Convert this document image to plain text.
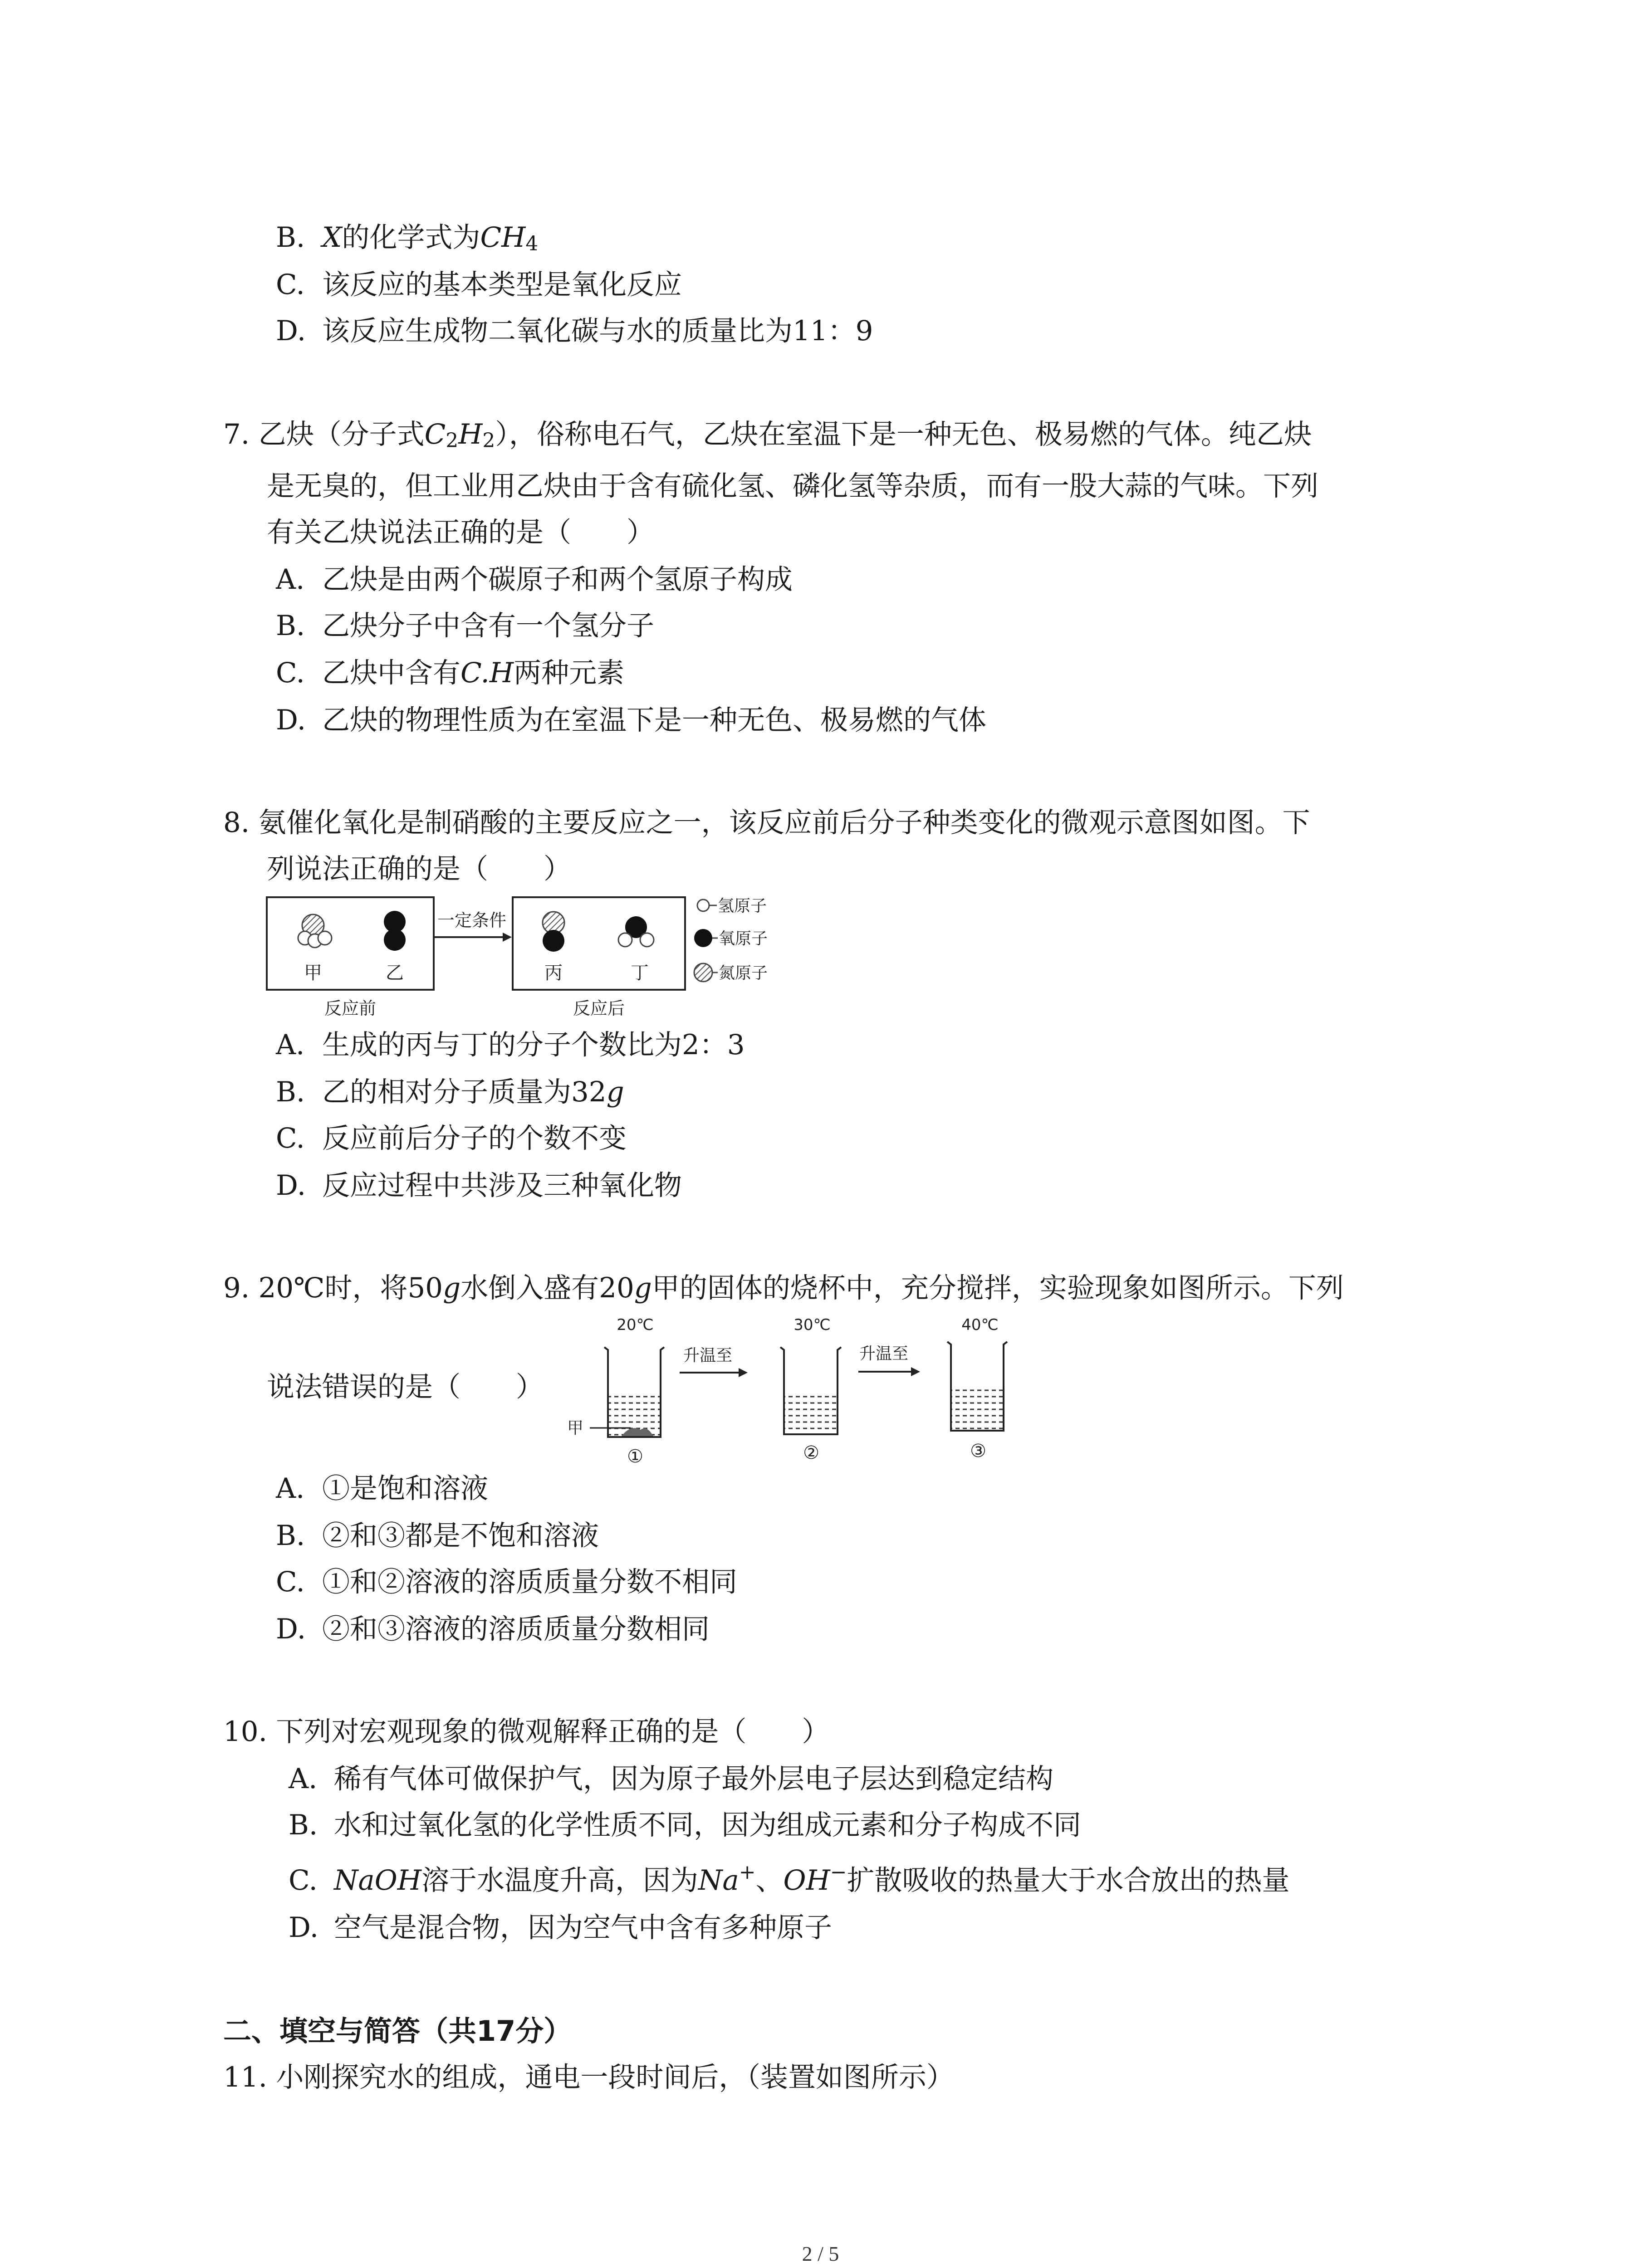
B. X的化学式为$CH_4$
C. 该反应的基本类型是氧化反应
D. 该反应生成物二氧化碳与水的质量比为11：9
7. 乙炔（分子式$C_2H_2$），俗称电石气，乙炔在室温下是一种无色、极易燃的气体。纯乙炔
是无臭的，但工业用乙炔由于含有硫化氢、磷化氢等杂质，而有一股大蒜的气味。下列
有关乙炔说法正确的是（　　）
A. 乙炔是由两个碳原子和两个氢原子构成
B. 乙炔分子中含有一个氢分子
C. 乙炔中含有C.H两种元素
D. 乙炔的物理性质为在室温下是一种无色、极易燃的气体
8. 氨催化氧化是制硝酸的主要反应之一，该反应前后分子种类变化的微观示意图如图。下
列说法正确的是（　　）
甲	乙
一定条件
丙	丁
反应前	反应后
氢原子
氧原子
氮原子
A. 生成的丙与丁的分子个数比为2：3
B. 乙的相对分子质量为32g
C. 反应前后分子的个数不变
D. 反应过程中共涉及三种氧化物
9. 20℃时，将50g水倒入盛有20g甲的固体的烧杯中，充分搅拌，实验现象如图所示。下列
说法错误的是（　　）
20℃	30℃	40℃
甲
升温至	升温至
①	②	③
A. ①是饱和溶液
B. ②和③都是不饱和溶液
C. ①和②溶液的溶质质量分数不相同
D. ②和③溶液的溶质质量分数相同
10. 下列对宏观现象的微观解释正确的是（　　）
A. 稀有气体可做保护气，因为原子最外层电子层达到稳定结构
B. 水和过氧化氢的化学性质不同，因为组成元素和分子构成不同
C. NaOH溶于水温度升高，因为Na+、OH−扩散吸收的热量大于水合放出的热量
D. 空气是混合物，因为空气中含有多种原子
二、填空与简答（共17分）
11. 小刚探究水的组成，通电一段时间后，（装置如图所示）
2 / 5
